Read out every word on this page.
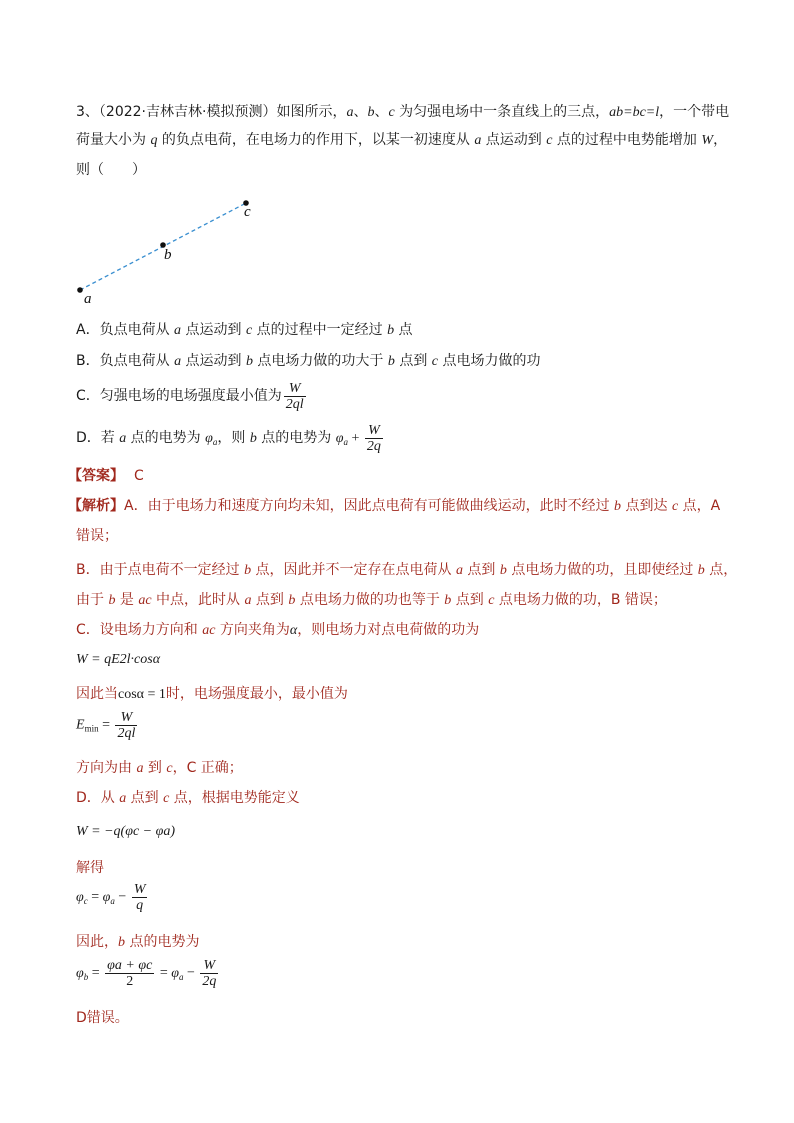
3、（2022·吉林吉林·模拟预测）如图所示，a、b、c 为匀强电场中一条直线上的三点，ab=bc=l，一个带电
荷量大小为 q 的负点电荷，在电场力的作用下，以某一初速度从 a 点运动到 c 点的过程中电势能增加 W，
则（　　）
a
b
c
A．负点电荷从 a 点运动到 c 点的过程中一定经过 b 点
B．负点电荷从 a 点运动到 b 点电场力做的功大于 b 点到 c 点电场力做的功
C．匀强电场的电场强度最小值为 $\frac{W}{2ql}$
D．若 a 点的电势为 $\varphi_a$，则 b 点的电势为 $\varphi_a + \frac{W}{2q}$
【答案】 C
【解析】A．由于电场力和速度方向均未知，因此点电荷有可能做曲线运动，此时不经过 b 点到达 c 点，A
错误；
B．由于点电荷不一定经过 b 点，因此并不一定存在点电荷从 a 点到 b 点电场力做的功，且即使经过 b 点，
由于 b 是 ac 中点，此时从 a 点到 b 点电场力做的功也等于 b 点到 c 点电场力做的功，B 错误；
C．设电场力方向和 ac 方向夹角为α，则电场力对点电荷做的功为
W = qE2l·cosα
因此当cosα = 1时，电场强度最小，最小值为
$E_{min} = \frac{W}{2ql}$
方向为由 a 到 c，C 正确；
D．从 a 点到 c 点，根据电势能定义
W = −q(φc − φa)
解得
$\varphi_c = \varphi_a - \frac{W}{q}$
因此，b 点的电势为
$\varphi_b = \frac{\varphi a + \varphi c}{2} = \varphi_a - \frac{W}{2q}$
D错误。
